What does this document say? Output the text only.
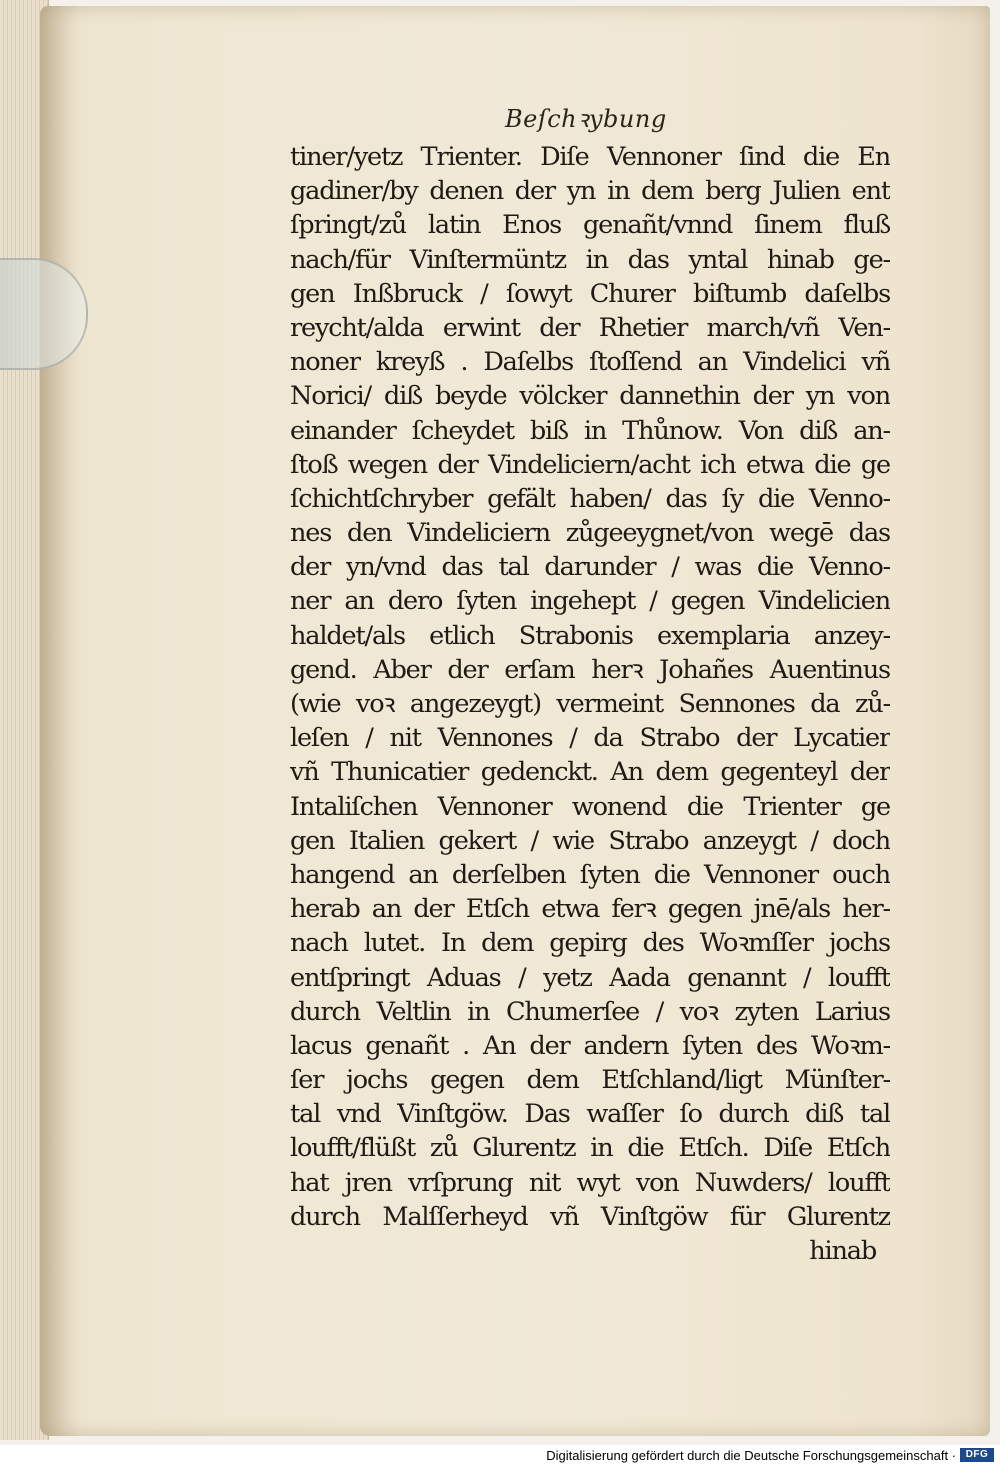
Beſchꝛybung
tiner/yetz Trienter. Diſe Vennoner ſind die En
gadiner/by denen der yn in dem berg Julien ent
ſpringt/zů latin Enos genañt/vnnd ſinem fluß
nach/für Vinſtermüntz in das yntal hinab ge-
gen Inßbruck / ſowyt Churer biſtumb daſelbs
reycht/alda erwint der Rhetier march/vñ Ven-
noner kreyß . Daſelbs ſtoſſend an Vindelici vñ
Norici/ diß beyde völcker dannethin der yn von
einander ſcheydet biß in Thůnow. Von diß an-
ſtoß wegen der Vindeliciern/acht ich etwa die ge
ſchichtſchryber gefält haben/ das ſy die Venno-
nes den Vindeliciern zůgeeygnet/von wegē das
der yn/vnd das tal darunder / was die Venno-
ner an dero ſyten ingehept / gegen Vindelicien
haldet/als etlich Strabonis exemplaria anzey-
gend. Aber der erſam herꝛ Johañes Auentinus
(wie voꝛ angezeygt) vermeint Sennones da zů-
leſen / nit Vennones / da Strabo der Lycatier
vñ Thunicatier gedenckt. An dem gegenteyl der
Intaliſchen Vennoner wonend die Trienter ge
gen Italien gekert / wie Strabo anzeygt / doch
hangend an derſelben ſyten die Vennoner ouch
herab an der Etſch etwa ferꝛ gegen jnē/als her-
nach lutet. In dem gepirg des Woꝛmſſer jochs
entſpringt Aduas / yetz Aada genannt / loufft
durch Veltlin in Chumerſee / voꝛ zyten Larius
lacus genañt . An der andern ſyten des Woꝛm-
ſer jochs gegen dem Etſchland/ligt Münſter-
tal vnd Vinſtgöw. Das waſſer ſo durch diß tal
loufft/flüßt zů Glurentz in die Etſch. Diſe Etſch
hat jren vrſprung nit wyt von Nuwders/ loufft
durch Malſſerheyd vñ Vinſtgöw für Glurentz
hinab
Digitalisierung gefördert durch die Deutsche Forschungsgemeinschaft · DFG
